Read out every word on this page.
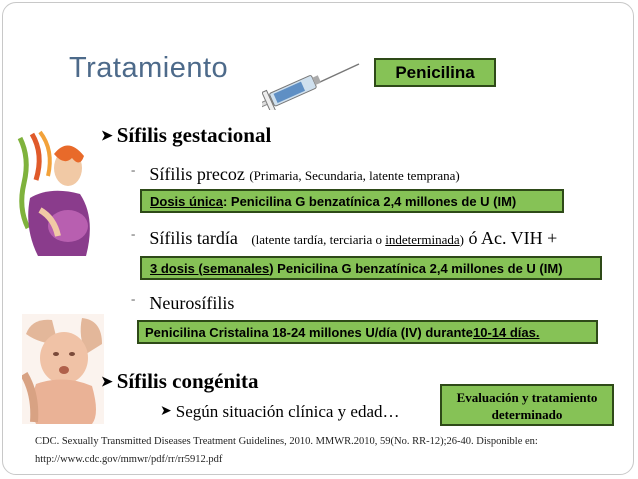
Tratamiento	Penicilina
➤ Sífilis gestacional
- Sífilis precoz (Primaria, Secundaria, latente temprana)
Dosis única : Penicilina G benzatínica 2,4 millones de U (IM)
- Sífilis tardía (latente tardía, terciaria o indeterminada) ó Ac. VIH +
3 dosis (semanales ) Penicilina G benzatínica 2,4 millones de U (IM)
- Neurosífilis
Penicilina Cristalina 18-24 millones U/día (IV) durante 10-14 días.
➤ Sífilis congénita
➤ Según situación clínica y edad…
Evaluación y tratamiento
determinado
CDC. Sexually Transmitted Diseases Treatment Guidelines, 2010. MMWR.2010, 59(No. RR-12);26-40. Disponible en:
http://www.cdc.gov/mmwr/pdf/rr/rr5912.pdf
